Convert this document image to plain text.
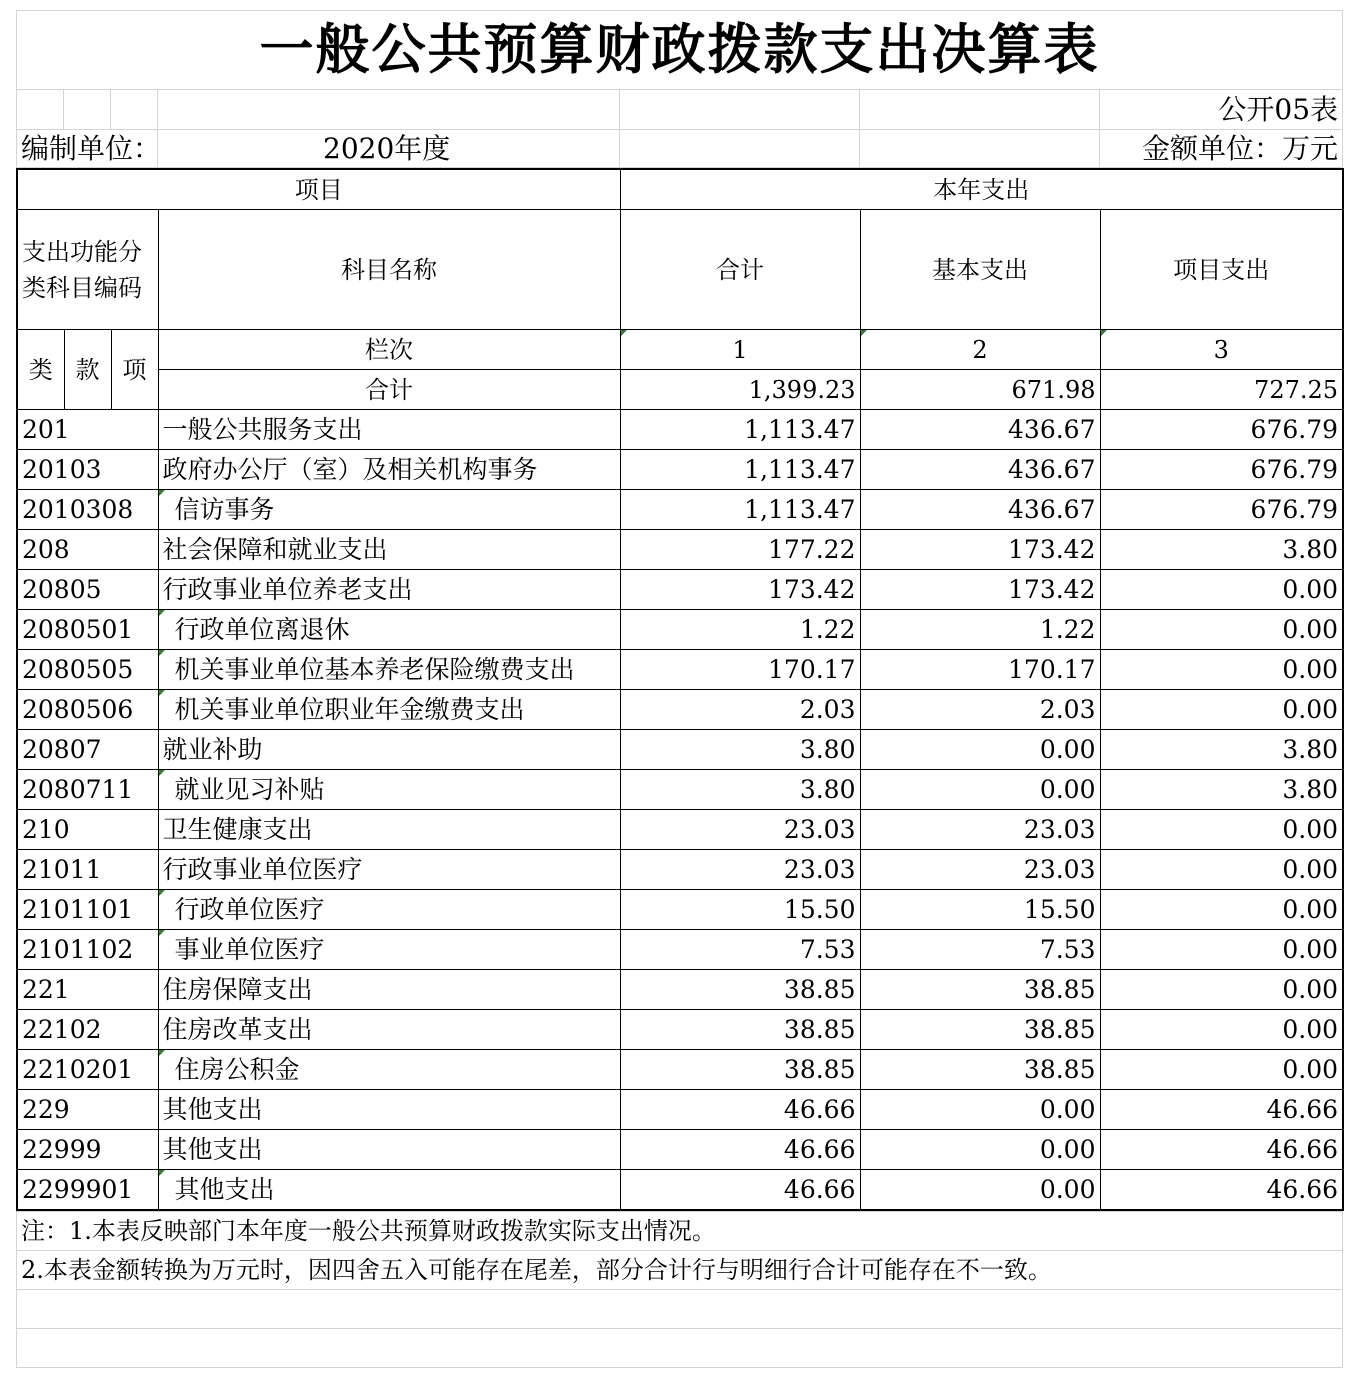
一般公共预算财政拨款支出决算表						
						公开05表
编制单位：			2020年度			金额单位：万元
项目				本年支出		
支出功能分类科目编码			科目名称	合计	基本支出	项目支出
类	款	项	栏次	1	2	3
			合计	1,399.23	671.98	727.25
201			一般公共服务支出	1,113.47	436.67	676.79
20103			政府办公厅（室）及相关机构事务	1,113.47	436.67	676.79
2010308			信访事务	1,113.47	436.67	676.79
208			社会保障和就业支出	177.22	173.42	3.80
20805			行政事业单位养老支出	173.42	173.42	0.00
2080501			行政单位离退休	1.22	1.22	0.00
2080505			机关事业单位基本养老保险缴费支出	170.17	170.17	0.00
2080506			机关事业单位职业年金缴费支出	2.03	2.03	0.00
20807			就业补助	3.80	0.00	3.80
2080711			就业见习补贴	3.80	0.00	3.80
210			卫生健康支出	23.03	23.03	0.00
21011			行政事业单位医疗	23.03	23.03	0.00
2101101			行政单位医疗	15.50	15.50	0.00
2101102			事业单位医疗	7.53	7.53	0.00
221			住房保障支出	38.85	38.85	0.00
22102			住房改革支出	38.85	38.85	0.00
2210201			住房公积金	38.85	38.85	0.00
229			其他支出	46.66	0.00	46.66
22999			其他支出	46.66	0.00	46.66
2299901			其他支出	46.66	0.00	46.66
注：1.本表反映部门本年度一般公共预算财政拨款实际支出情况。
2.本表金额转换为万元时，因四舍五入可能存在尾差，部分合计行与明细行合计可能存在不一致。
